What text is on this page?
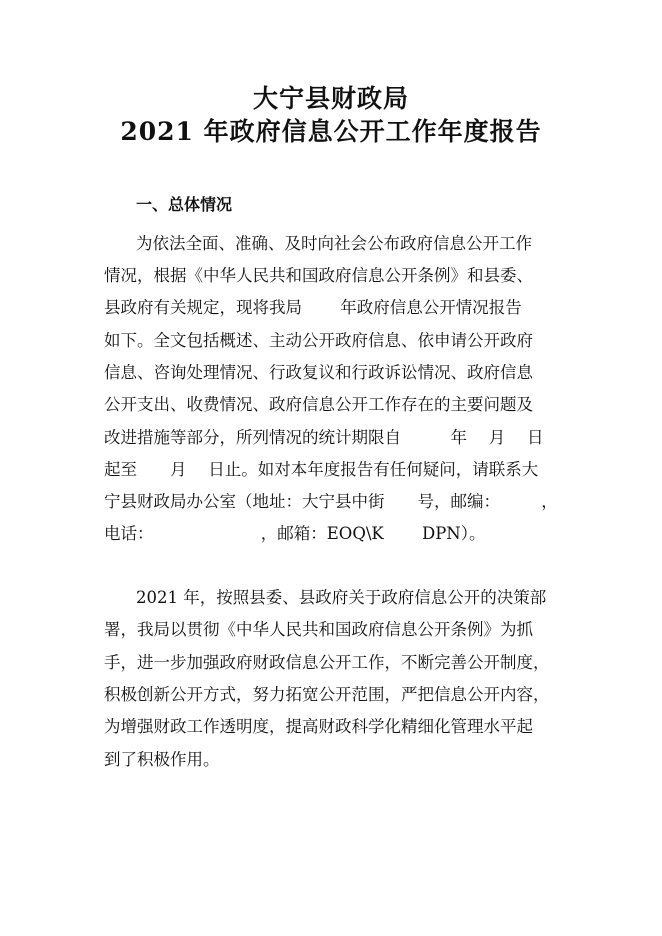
大宁县财政局
2021 年政府信息公开工作年度报告
一、总体情况
为依法全面、准确、及时向社会公布政府信息公开工作
情况，根据《中华人民共和国政府信息公开条例》和县委、
县政府有关规定，现将我局　　 年政府信息公开情况报告
如下。全文包括概述、主动公开政府信息、依申请公开政府
信息、咨询处理情况、行政复议和行政诉讼情况、政府信息
公开支出、收费情况、政府信息公开工作存在的主要问题及
改进措施等部分，所列情况的统计期限自　　　年　 月　 日
起至　　月　 日止。如对本年度报告有任何疑问，请联系大
宁县财政局办公室（地址：大宁县中街　　号，邮编：　　　，
电话：　　　　　　　，邮箱：EOQ\K　　 DPN）。
2021 年，按照县委、县政府关于政府信息公开的决策部
署，我局以贯彻《中华人民共和国政府信息公开条例》为抓
手，进一步加强政府财政信息公开工作，不断完善公开制度，
积极创新公开方式，努力拓宽公开范围，严把信息公开内容，
为增强财政工作透明度，提高财政科学化精细化管理水平起
到了积极作用。
